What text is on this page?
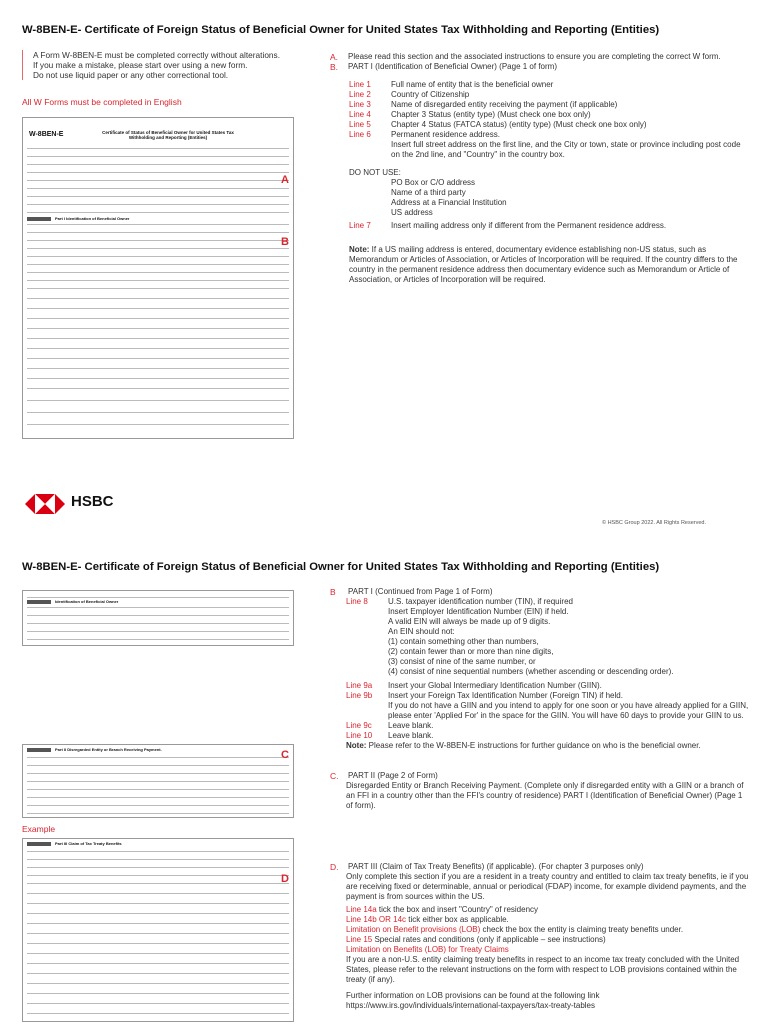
W-8BEN-E- Certificate of Foreign Status of Beneficial Owner for United States Tax Withholding and Reporting (Entities)
A Form W-8BEN-E must be completed correctly without alterations.
If you make a mistake, please start over using a new form.
Do not use liquid paper or any other correctional tool.
All W Forms must be completed in English
W-8BEN-E	Certificate of Status of Beneficial Owner for United States Tax Withholding and Reporting (Entities)
Part I Identification of Beneficial Owner
A
B
A.	Please read this section and the associated instructions to ensure you are completing the correct W form.
B.	PART I (Identification of Beneficial Owner) (Page 1 of form)
Line 1	Full name of entity that is the beneficial owner
Line 2	Country of Citizenship
Line 3	Name of disregarded entity receiving the payment (if applicable)
Line 4	Chapter 3 Status (entity type) (Must check one box only)
Line 5	Chapter 4 Status (FATCA status) (entity type) (Must check one box only)
Line 6	Permanent residence address.
Insert full street address on the first line, and the City or town, state or province including post code on the 2nd line, and "Country" in the country box.
DO NOT USE:
PO Box or C/O address
Name of a third party
Address at a Financial Institution
US address
Line 7	Insert mailing address only if different from the Permanent residence address.
Note: If a US mailing address is entered, documentary evidence establishing non-US status, such as Memorandum or Articles of Association, or Articles of Incorporation will be required. If the country differs to the country in the permanent residence address then documentary evidence such as Memorandum or Article of Association, or Articles of Incorporation will be required.
HSBC
© HSBC Group 2022. All Rights Reserved.
W-8BEN-E- Certificate of Foreign Status of Beneficial Owner for United States Tax Withholding and Reporting (Entities)
Identification of Beneficial Owner
B	PART I (Continued from Page 1 of Form)
Line 8	U.S. taxpayer identification number (TIN), if required
Insert Employer Identification Number (EIN) if held.
A valid EIN will always be made up of 9 digits.
An EIN should not:
(1) contain something other than numbers,
(2) contain fewer than or more than nine digits,
(3) consist of nine of the same number, or
(4) consist of nine sequential numbers (whether ascending or descending order).
Line 9a	Insert your Global Intermediary Identification Number (GIIN).
Line 9b	Insert your Foreign Tax Identification Number (Foreign TIN) if held.
If you do not have a GIIN and you intend to apply for one soon or you have already applied for a GIIN, please enter 'Applied For' in the space for the GIIN. You will have 60 days to provide your GIIN to us.
Line 9c	Leave blank.
Line 10	Leave blank.
Note: Please refer to the W-8BEN-E instructions for further guidance on who is the beneficial owner.
Part II Disregarded Entity or Branch Receiving Payment.	C
C.	PART II (Page 2 of Form)
Disregarded Entity or Branch Receiving Payment. (Complete only if disregarded entity with a GIIN or a branch of an FFI in a country other than the FFI's country of residence) PART I (Identification of Beneficial Owner) (Page 1 of form).
Example
Part III Claim of Tax Treaty Benefits
D
D.	PART III (Claim of Tax Treaty Benefits) (if applicable). (For chapter 3 purposes only)
Only complete this section if you are a resident in a treaty country and entitled to claim tax treaty benefits, ie if you are receiving fixed or determinable, annual or periodical (FDAP) income, for example dividend payments, and the payment is from sources within the US.
Line 14a tick the box and insert "Country" of residency
Line 14b OR 14c tick either box as applicable.
Limitation on Benefit provisions (LOB) check the box the entity is claiming treaty benefits under.
Line 15 Special rates and conditions (only if applicable – see instructions)
Limitation on Benefits (LOB) for Treaty Claims
If you are a non-U.S. entity claiming treaty benefits in respect to an income tax treaty concluded with the United States, please refer to the relevant instructions on the form with respect to LOB provisions contained within the treaty (if any).
Further information on LOB provisions can be found at the following link
https://www.irs.gov/individuals/international-taxpayers/tax-treaty-tables
